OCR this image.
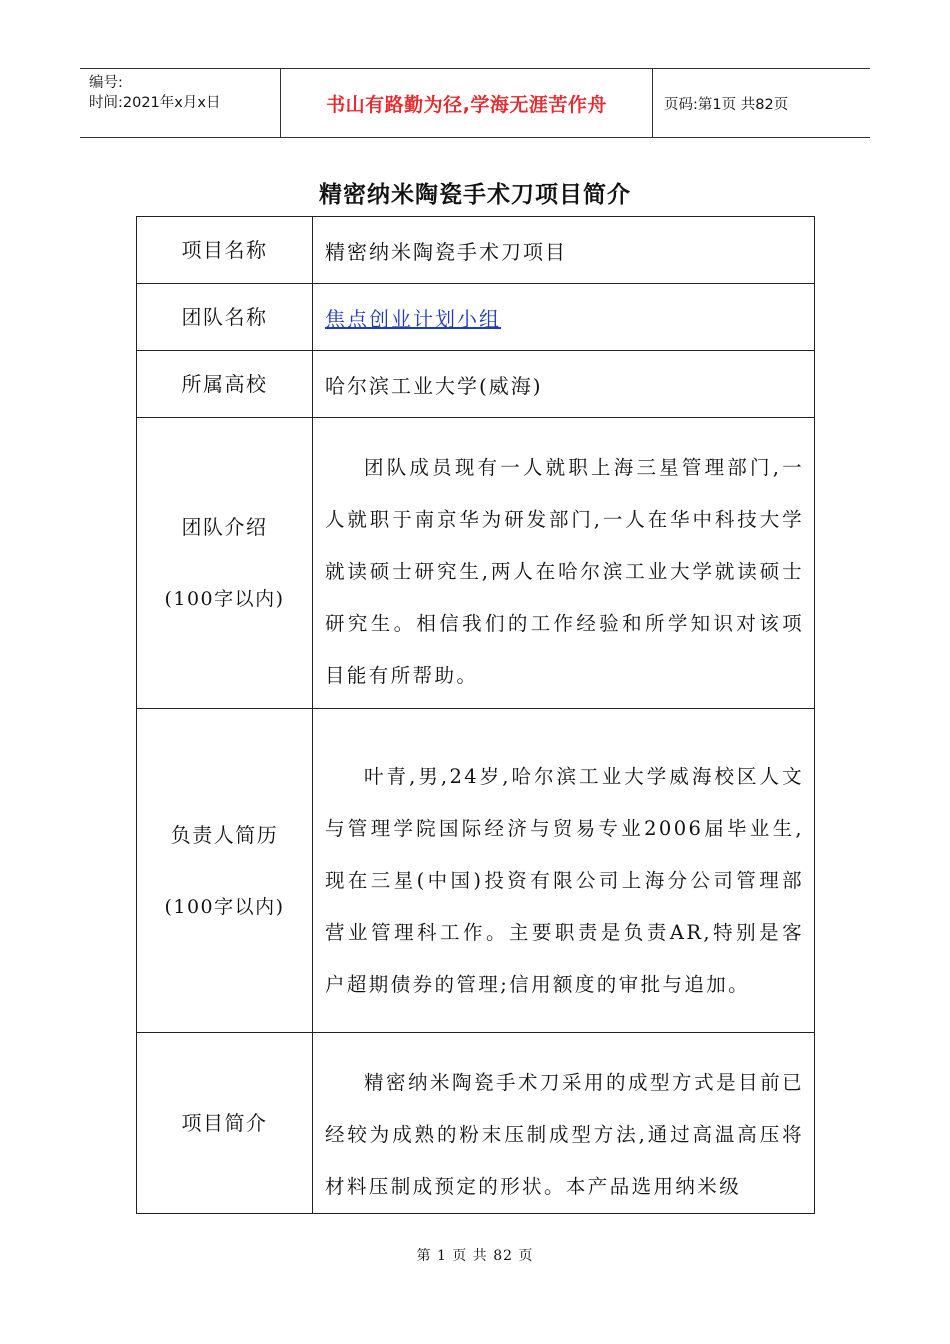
编号:
时间:2021年x月x日	书山有路勤为径,学海无涯苦作舟	页码:第1页 共82页
精密纳米陶瓷手术刀项目简介
项目名称	精密纳米陶瓷手术刀项目
团队名称	焦点创业计划小组
所属高校	哈尔滨工业大学(威海)
团队介绍
(100字以内)	团队成员现有一人就职上海三星管理部门,一人就职于南京华为研发部门,一人在华中科技大学就读硕士研究生,两人在哈尔滨工业大学就读硕士研究生。相信我们的工作经验和所学知识对该项目能有所帮助。

负责人简历
(100字以内)	叶青,男,24岁,哈尔滨工业大学威海校区人文与管理学院国际经济与贸易专业2006届毕业生,现在三星(中国)投资有限公司上海分公司管理部营业管理科工作。主要职责是负责AR,特别是客户超期债券的管理;信用额度的审批与追加。

项目简介	精密纳米陶瓷手术刀采用的成型方式是目前已经较为成熟的粉末压制成型方法,通过高温高压将材料压制成预定的形状。本产品选用纳米级
第 1 页 共 82 页
